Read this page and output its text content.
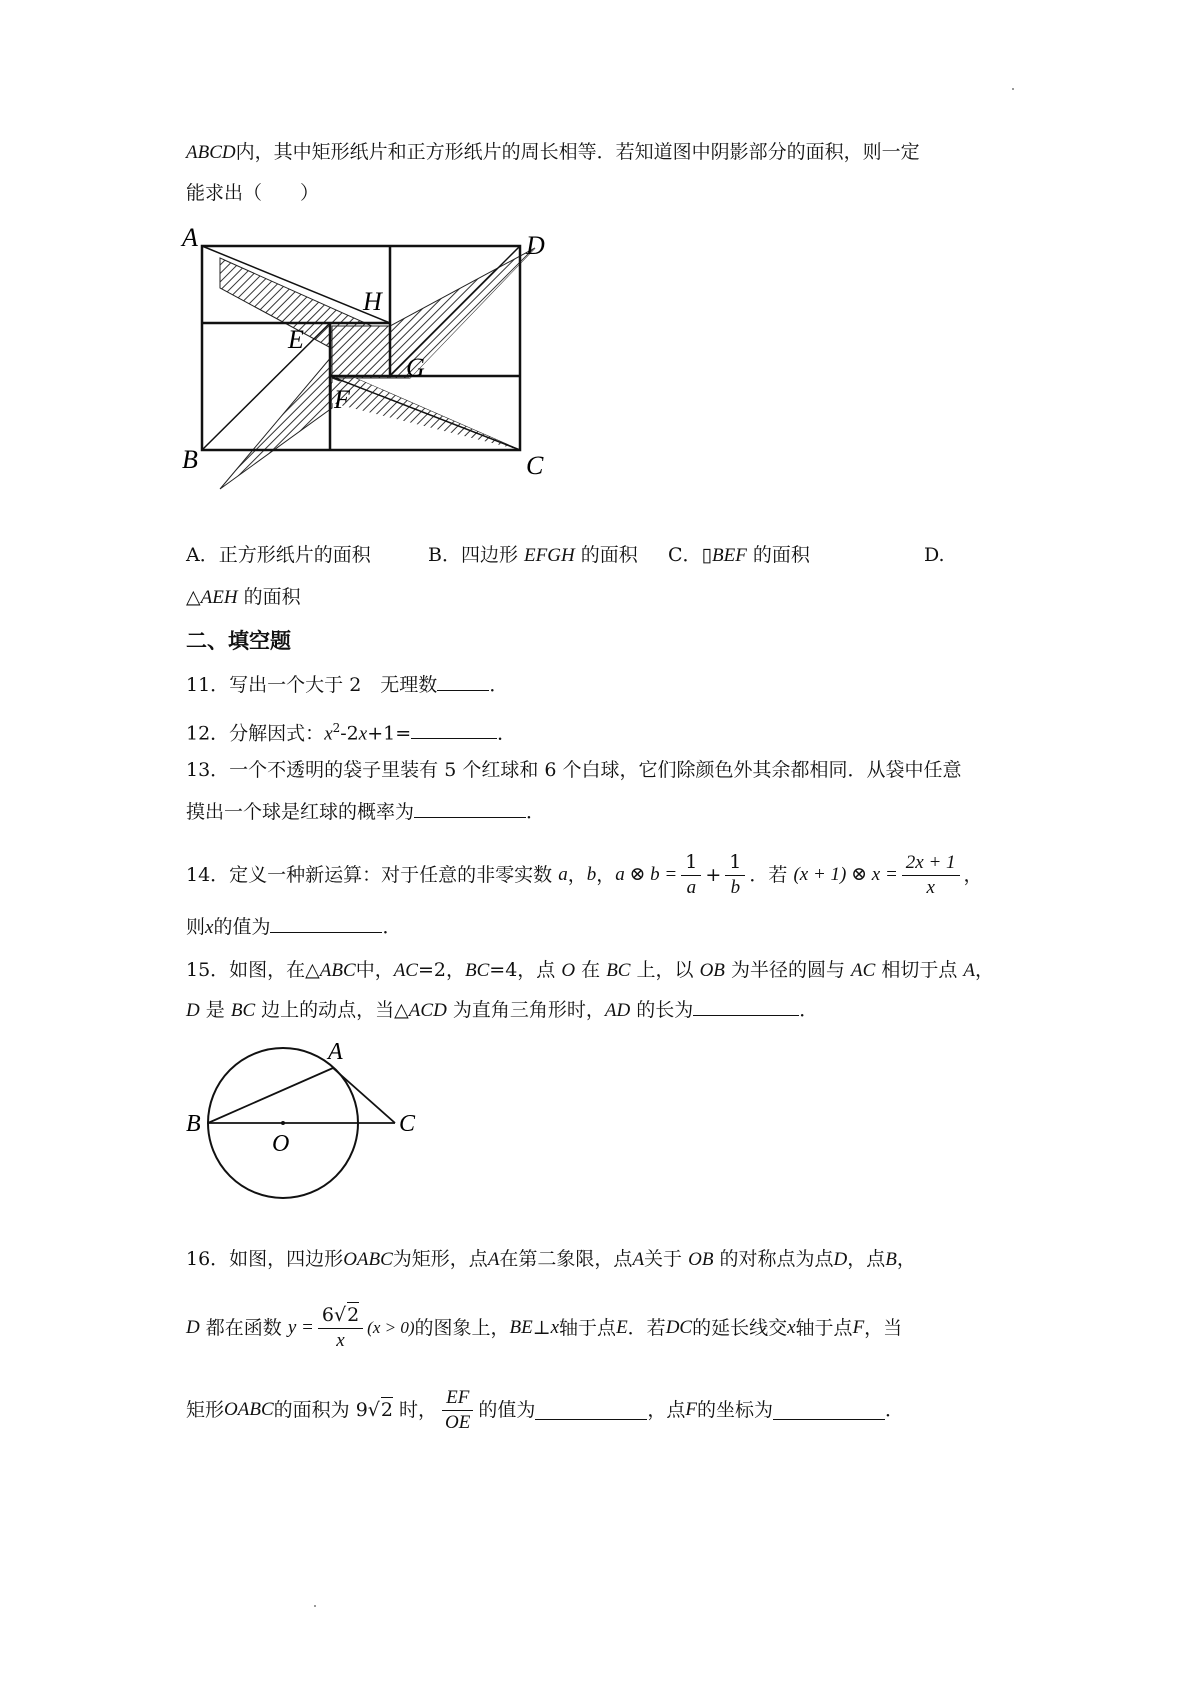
ABCD内，其中矩形纸片和正方形纸片的周长相等．若知道图中阴影部分的面积，则一定
能求出（　　）
A	D
B	C
H
E
G
F
A．正方形纸片的面积	B．四边形 EFGH 的面积 C．▯BEF 的面积	D.
△AEH 的面积
二、填空题
11．写出一个大于 2　无理数	．
12．分解因式：$x^2-2x+1=$	．
13．一个不透明的袋子里装有 5 个红球和 6 个白球，它们除颜色外其余都相同．从袋中任意
摸出一个球是红球的概率为	．
14．定义一种新运算：对于任意的非零实数
a ， b ， a ⊗ $b = \frac{1}{a} + \frac{1}{b}$ ．若
(x + 1) ⊗ $x = \frac{2x + 1}{x}$ ，
则x的值为	．
15．如图，在△ABC中，AC=2，BC=4，点 O 在 BC 上，以 OB 为半径的圆与 AC 相切于点 A，
D 是 BC 边上的动点，当△ACD 为直角三角形时，AD 的长为	．
A
B	C
O
16．如图，四边形OABC为矩形，点A在第二象限，点A关于 OB 的对称点为点D，点B，
D
都在函数
$y = \frac{6√2}{x} (x > 0)$ 的图象上， BE ⊥ x 轴于点 E ．若 DC 的延长线交 x 轴于点 F ，当
矩形 OABC 的面积为 9√2 时， $\frac{EF}{OE}$ 的值为	，点 F 的坐标为	．
